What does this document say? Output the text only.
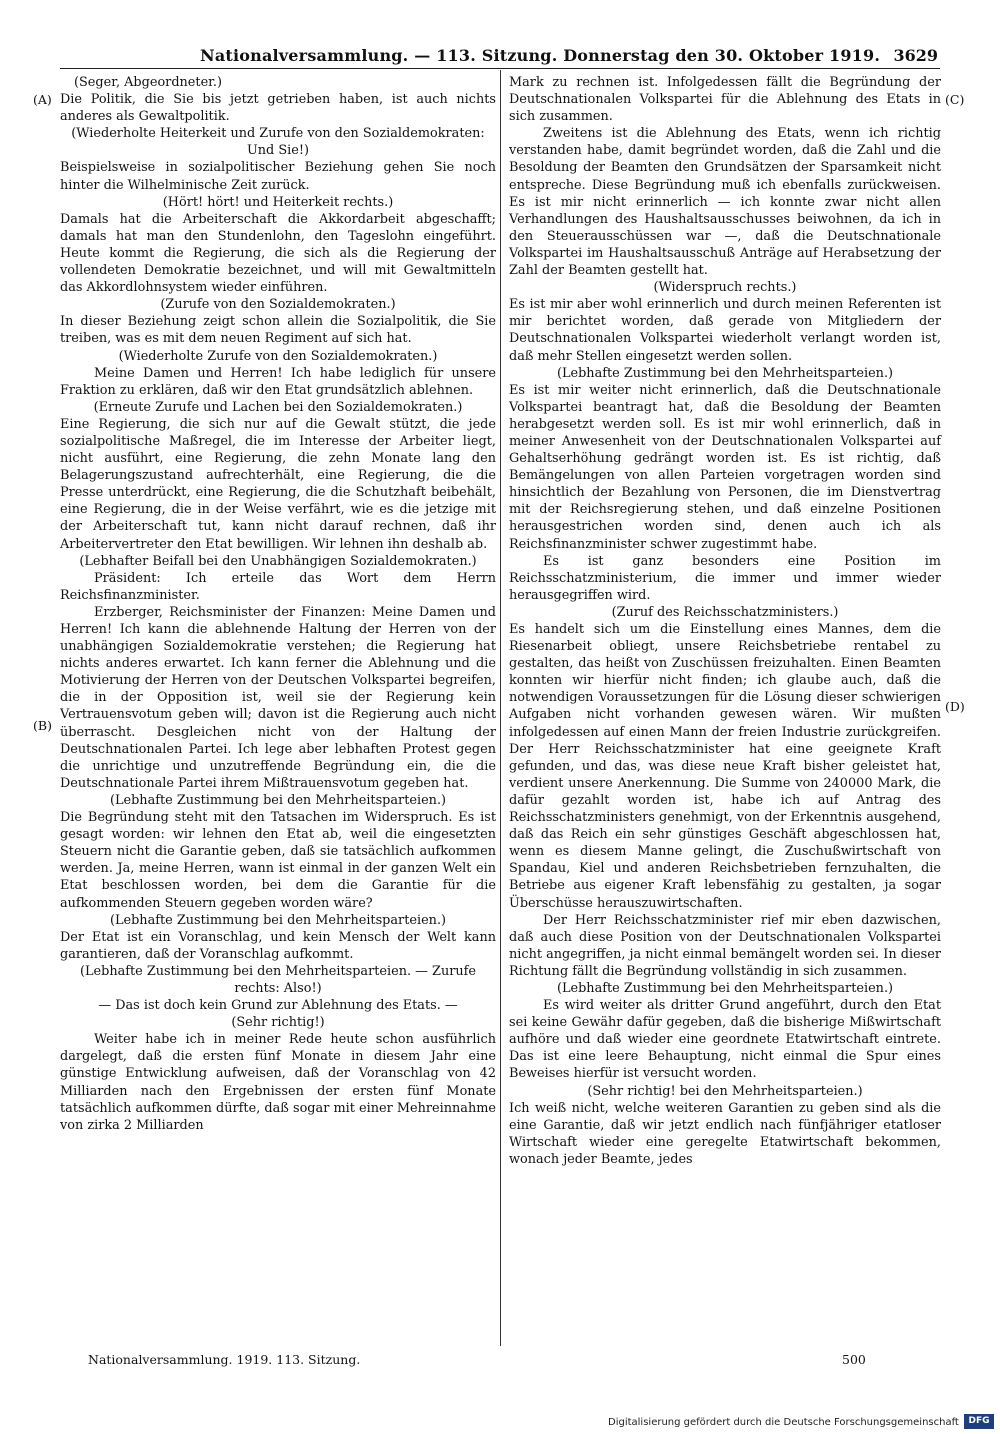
Nationalversammlung. — 113. Sitzung. Donnerstag den 30. Oktober 1919. 3629
(A)
(B)
(C)
(D)

(Seger, Abgeordneter.)

Die Politik, die Sie bis jetzt getrieben haben, ist auch nichts anderes als Gewaltpolitik.

(Wiederholte Heiterkeit und Zurufe von den Sozialdemokraten: Und Sie!)

Beispielsweise in sozialpolitischer Beziehung gehen Sie noch hinter die Wilhelminische Zeit zurück.

(Hört! hört! und Heiterkeit rechts.)

Damals hat die Arbeiterschaft die Akkordarbeit abgeschafft; damals hat man den Stundenlohn, den Tageslohn eingeführt. Heute kommt die Regierung, die sich als die Regierung der vollendeten Demokratie bezeichnet, und will mit Gewaltmitteln das Akkordlohnsystem wieder einführen.

(Zurufe von den Sozialdemokraten.)

In dieser Beziehung zeigt schon allein die Sozialpolitik, die Sie treiben, was es mit dem neuen Regiment auf sich hat.

(Wiederholte Zurufe von den Sozialdemokraten.)

Meine Damen und Herren! Ich habe lediglich für unsere Fraktion zu erklären, daß wir den Etat grundsätzlich ablehnen.

(Erneute Zurufe und Lachen bei den Sozialdemokraten.)

Eine Regierung, die sich nur auf die Gewalt stützt, die jede sozialpolitische Maßregel, die im Interesse der Arbeiter liegt, nicht ausführt, eine Regierung, die zehn Monate lang den Belagerungszustand aufrechterhält, eine Regierung, die die Presse unterdrückt, eine Regierung, die die Schutzhaft beibehält, eine Regierung, die in der Weise verfährt, wie es die jetzige mit der Arbeiterschaft tut, kann nicht darauf rechnen, daß ihr Arbeitervertreter den Etat bewilligen. Wir lehnen ihn deshalb ab.

(Lebhafter Beifall bei den Unabhängigen Sozialdemokraten.)

Präsident: Ich erteile das Wort dem Herrn Reichsfinanzminister.

Erzberger, Reichsminister der Finanzen: Meine Damen und Herren! Ich kann die ablehnende Haltung der Herren von der unabhängigen Sozialdemokratie verstehen; die Regierung hat nichts anderes erwartet. Ich kann ferner die Ablehnung und die Motivierung der Herren von der Deutschen Volkspartei begreifen, die in der Opposition ist, weil sie der Regierung kein Vertrauensvotum geben will; davon ist die Regierung auch nicht überrascht. Desgleichen nicht von der Haltung der Deutschnationalen Partei. Ich lege aber lebhaften Protest gegen die unrichtige und unzutreffende Begründung ein, die die Deutschnationale Partei ihrem Mißtrauensvotum gegeben hat.

(Lebhafte Zustimmung bei den Mehrheitsparteien.)

Die Begründung steht mit den Tatsachen im Widerspruch. Es ist gesagt worden: wir lehnen den Etat ab, weil die eingesetzten Steuern nicht die Garantie geben, daß sie tatsächlich aufkommen werden. Ja, meine Herren, wann ist einmal in der ganzen Welt ein Etat beschlossen worden, bei dem die Garantie für die aufkommenden Steuern gegeben worden wäre?

(Lebhafte Zustimmung bei den Mehrheitsparteien.)

Der Etat ist ein Voranschlag, und kein Mensch der Welt kann garantieren, daß der Voranschlag aufkommt.

(Lebhafte Zustimmung bei den Mehrheitsparteien. — Zurufe rechts: Also!)

— Das ist doch kein Grund zur Ablehnung des Etats. —

(Sehr richtig!)

Weiter habe ich in meiner Rede heute schon ausführlich dargelegt, daß die ersten fünf Monate in diesem Jahr eine günstige Entwicklung aufweisen, daß der Voranschlag von 42 Milliarden nach den Ergebnissen der ersten fünf Monate tatsächlich aufkommen dürfte, daß sogar mit einer Mehreinnahme von zirka 2 Milliarden

Mark zu rechnen ist. Infolgedessen fällt die Begründung der Deutschnationalen Volkspartei für die Ablehnung des Etats in sich zusammen.

Zweitens ist die Ablehnung des Etats, wenn ich richtig verstanden habe, damit begründet worden, daß die Zahl und die Besoldung der Beamten den Grundsätzen der Sparsamkeit nicht entspreche. Diese Begründung muß ich ebenfalls zurückweisen. Es ist mir nicht erinnerlich — ich konnte zwar nicht allen Verhandlungen des Haushaltsausschusses beiwohnen, da ich in den Steuerausschüssen war —, daß die Deutschnationale Volkspartei im Haushaltsausschuß Anträge auf Herabsetzung der Zahl der Beamten gestellt hat.

(Widerspruch rechts.)

Es ist mir aber wohl erinnerlich und durch meinen Referenten ist mir berichtet worden, daß gerade von Mitgliedern der Deutschnationalen Volkspartei wiederholt verlangt worden ist, daß mehr Stellen eingesetzt werden sollen.

(Lebhafte Zustimmung bei den Mehrheitsparteien.)

Es ist mir weiter nicht erinnerlich, daß die Deutschnationale Volkspartei beantragt hat, daß die Besoldung der Beamten herabgesetzt werden soll. Es ist mir wohl erinnerlich, daß in meiner Anwesenheit von der Deutschnationalen Volkspartei auf Gehaltserhöhung gedrängt worden ist. Es ist richtig, daß Bemängelungen von allen Parteien vorgetragen worden sind hinsichtlich der Bezahlung von Personen, die im Dienstvertrag mit der Reichsregierung stehen, und daß einzelne Positionen herausgestrichen worden sind, denen auch ich als Reichsfinanzminister schwer zugestimmt habe.

Es ist ganz besonders eine Position im Reichsschatzministerium, die immer und immer wieder herausgegriffen wird.

(Zuruf des Reichsschatzministers.)

Es handelt sich um die Einstellung eines Mannes, dem die Riesenarbeit obliegt, unsere Reichsbetriebe rentabel zu gestalten, das heißt von Zuschüssen freizuhalten. Einen Beamten konnten wir hierfür nicht finden; ich glaube auch, daß die notwendigen Voraussetzungen für die Lösung dieser schwierigen Aufgaben nicht vorhanden gewesen wären. Wir mußten infolgedessen auf einen Mann der freien Industrie zurückgreifen. Der Herr Reichsschatzminister hat eine geeignete Kraft gefunden, und das, was diese neue Kraft bisher geleistet hat, verdient unsere Anerkennung. Die Summe von 240000 Mark, die dafür gezahlt worden ist, habe ich auf Antrag des Reichsschatzministers genehmigt, von der Erkenntnis ausgehend, daß das Reich ein sehr günstiges Geschäft abgeschlossen hat, wenn es diesem Manne gelingt, die Zuschußwirtschaft von Spandau, Kiel und anderen Reichsbetrieben fernzuhalten, die Betriebe aus eigener Kraft lebensfähig zu gestalten, ja sogar Überschüsse herauszuwirtschaften.

Der Herr Reichsschatzminister rief mir eben dazwischen, daß auch diese Position von der Deutschnationalen Volkspartei nicht angegriffen, ja nicht einmal bemängelt worden sei. In dieser Richtung fällt die Begründung vollständig in sich zusammen.

(Lebhafte Zustimmung bei den Mehrheitsparteien.)

Es wird weiter als dritter Grund angeführt, durch den Etat sei keine Gewähr dafür gegeben, daß die bisherige Mißwirtschaft aufhöre und daß wieder eine geordnete Etatwirtschaft eintrete. Das ist eine leere Behauptung, nicht einmal die Spur eines Beweises hierfür ist versucht worden.

(Sehr richtig! bei den Mehrheitsparteien.)

Ich weiß nicht, welche weiteren Garantien zu geben sind als die eine Garantie, daß wir jetzt endlich nach fünfjähriger etatloser Wirtschaft wieder eine geregelte Etatwirtschaft bekommen, wonach jeder Beamte, jedes

Nationalversammlung. 1919. 113. Sitzung.	500
Digitalisierung gefördert durch die Deutsche Forschungsgemeinschaft	DFG
